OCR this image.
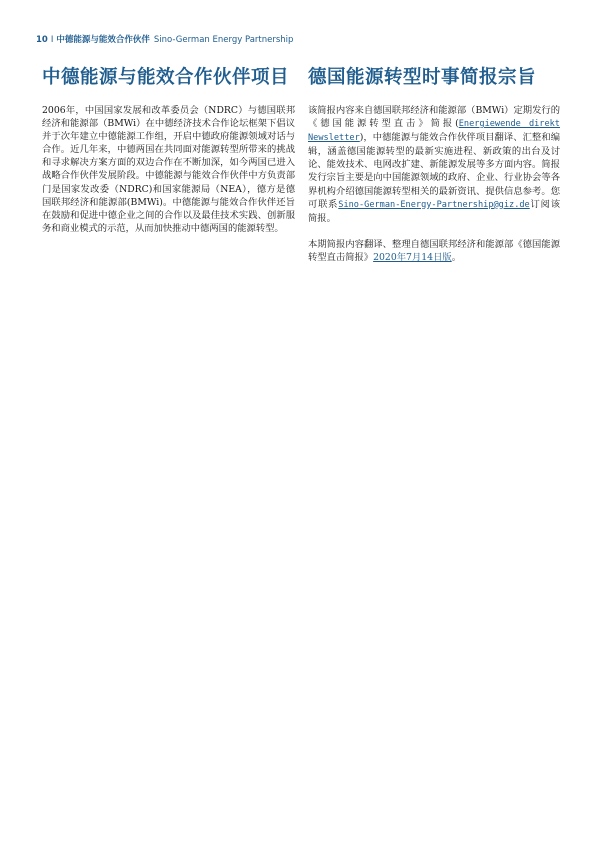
10 I 中德能源与能效合作伙伴 Sino-German Energy Partnership
中德能源与能效合作伙伴项目

2006年，中国国家发展和改革委员会（NDRC）与德国联邦经济和能源部（BMWi）在中德经济技术合作论坛框架下倡议并于次年建立中德能源工作组，开启中德政府能源领域对话与合作。近几年来，中德两国在共同面对能源转型所带来的挑战和寻求解决方案方面的双边合作在不断加深，如今两国已进入战略合作伙伴发展阶段。中德能源与能效合作伙伴中方负责部门是国家发改委（NDRC)和国家能源局（NEA），德方是德国联邦经济和能源部(BMWi)。中德能源与能效合作伙伴还旨在鼓励和促进中德企业之间的合作以及最佳技术实践、创新服务和商业模式的示范，从而加快推动中德两国的能源转型。

德国能源转型时事简报宗旨

该简报内容来自德国联邦经济和能源部（BMWi）定期发行的《德国能源转型直击》简报(Energiewende direkt Newsletter)，中德能源与能效合作伙伴项目翻译、汇整和编辑，涵盖德国能源转型的最新实施进程、新政策的出台及讨论、能效技术、电网改扩建、新能源发展等多方面内容。简报发行宗旨主要是向中国能源领域的政府、企业、行业协会等各界机构介绍德国能源转型相关的最新资讯、提供信息参考。您可联系Sino-German-Energy-Partnership@giz.de订阅该简报。

本期简报内容翻译、整理自德国联邦经济和能源部《德国能源转型直击简报》2020年7月14日版。
